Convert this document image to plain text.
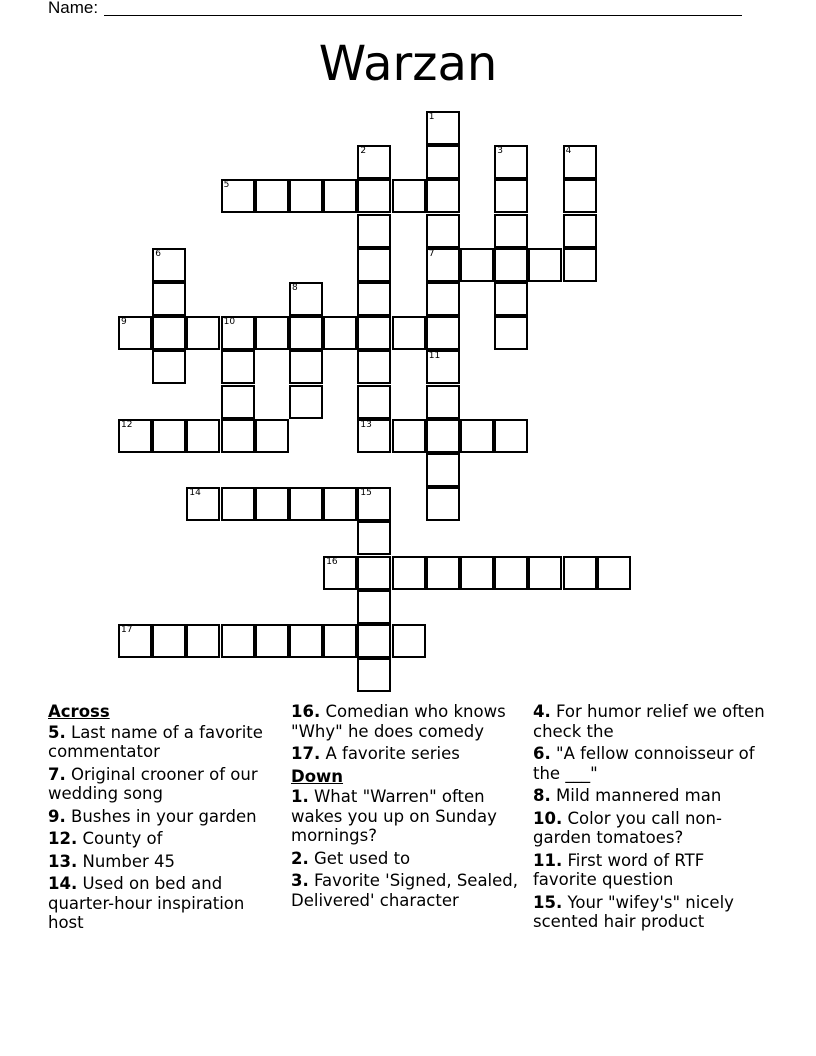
Name:
Warzan
1
7
2	3	4
5
6
8
9	10
11
12	13
14	15
16
17
Across
5. Last name of a favorite commentator
7. Original crooner of our wedding song
9. Bushes in your garden
12. County of
13. Number 45
14. Used on bed and quarter-hour inspiration host
16. Comedian who knows "Why" he does comedy
17. A favorite series
Down
1. What "Warren" often wakes you up on Sunday mornings?
2. Get used to
3. Favorite 'Signed, Sealed, Delivered' character
4. For humor relief we often check the
6. "A fellow connoisseur of the ___"
8. Mild mannered man
10. Color you call non-garden tomatoes?
11. First word of RTF favorite question
15. Your "wifey's" nicely scented hair product
